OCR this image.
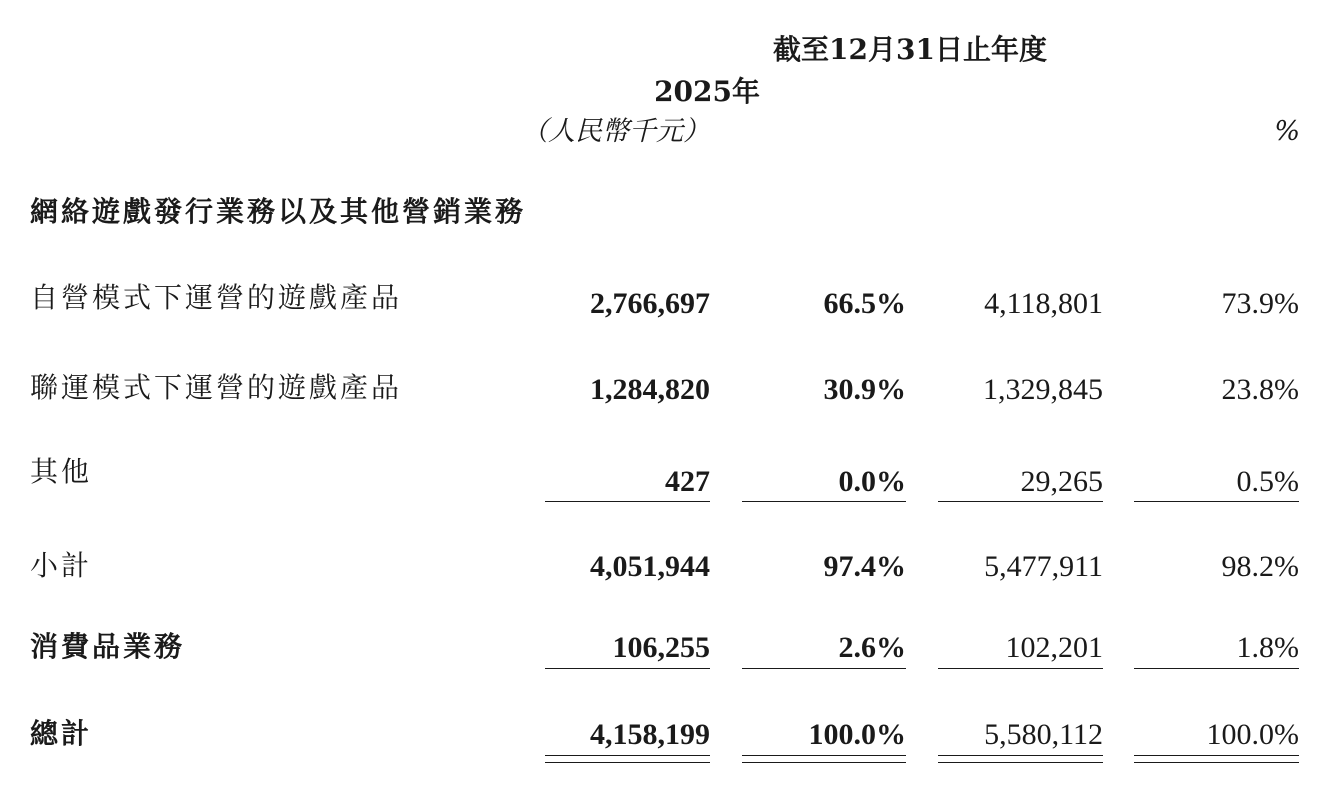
截至12月31日止年度
2025年
（人民幣千元）	%
網絡遊戲發行業務以及其他營銷業務
自營模式下運營的遊戲產品	2,766,697	66.5%	4,118,801	73.9%
聯運模式下運營的遊戲產品	1,284,820	30.9%	1,329,845	23.8%
其他	427	0.0%	29,265	0.5%
小計	4,051,944	97.4%	5,477,911	98.2%
消費品業務	106,255	2.6%	102,201	1.8%
總計	4,158,199	100.0%	5,580,112	100.0%
